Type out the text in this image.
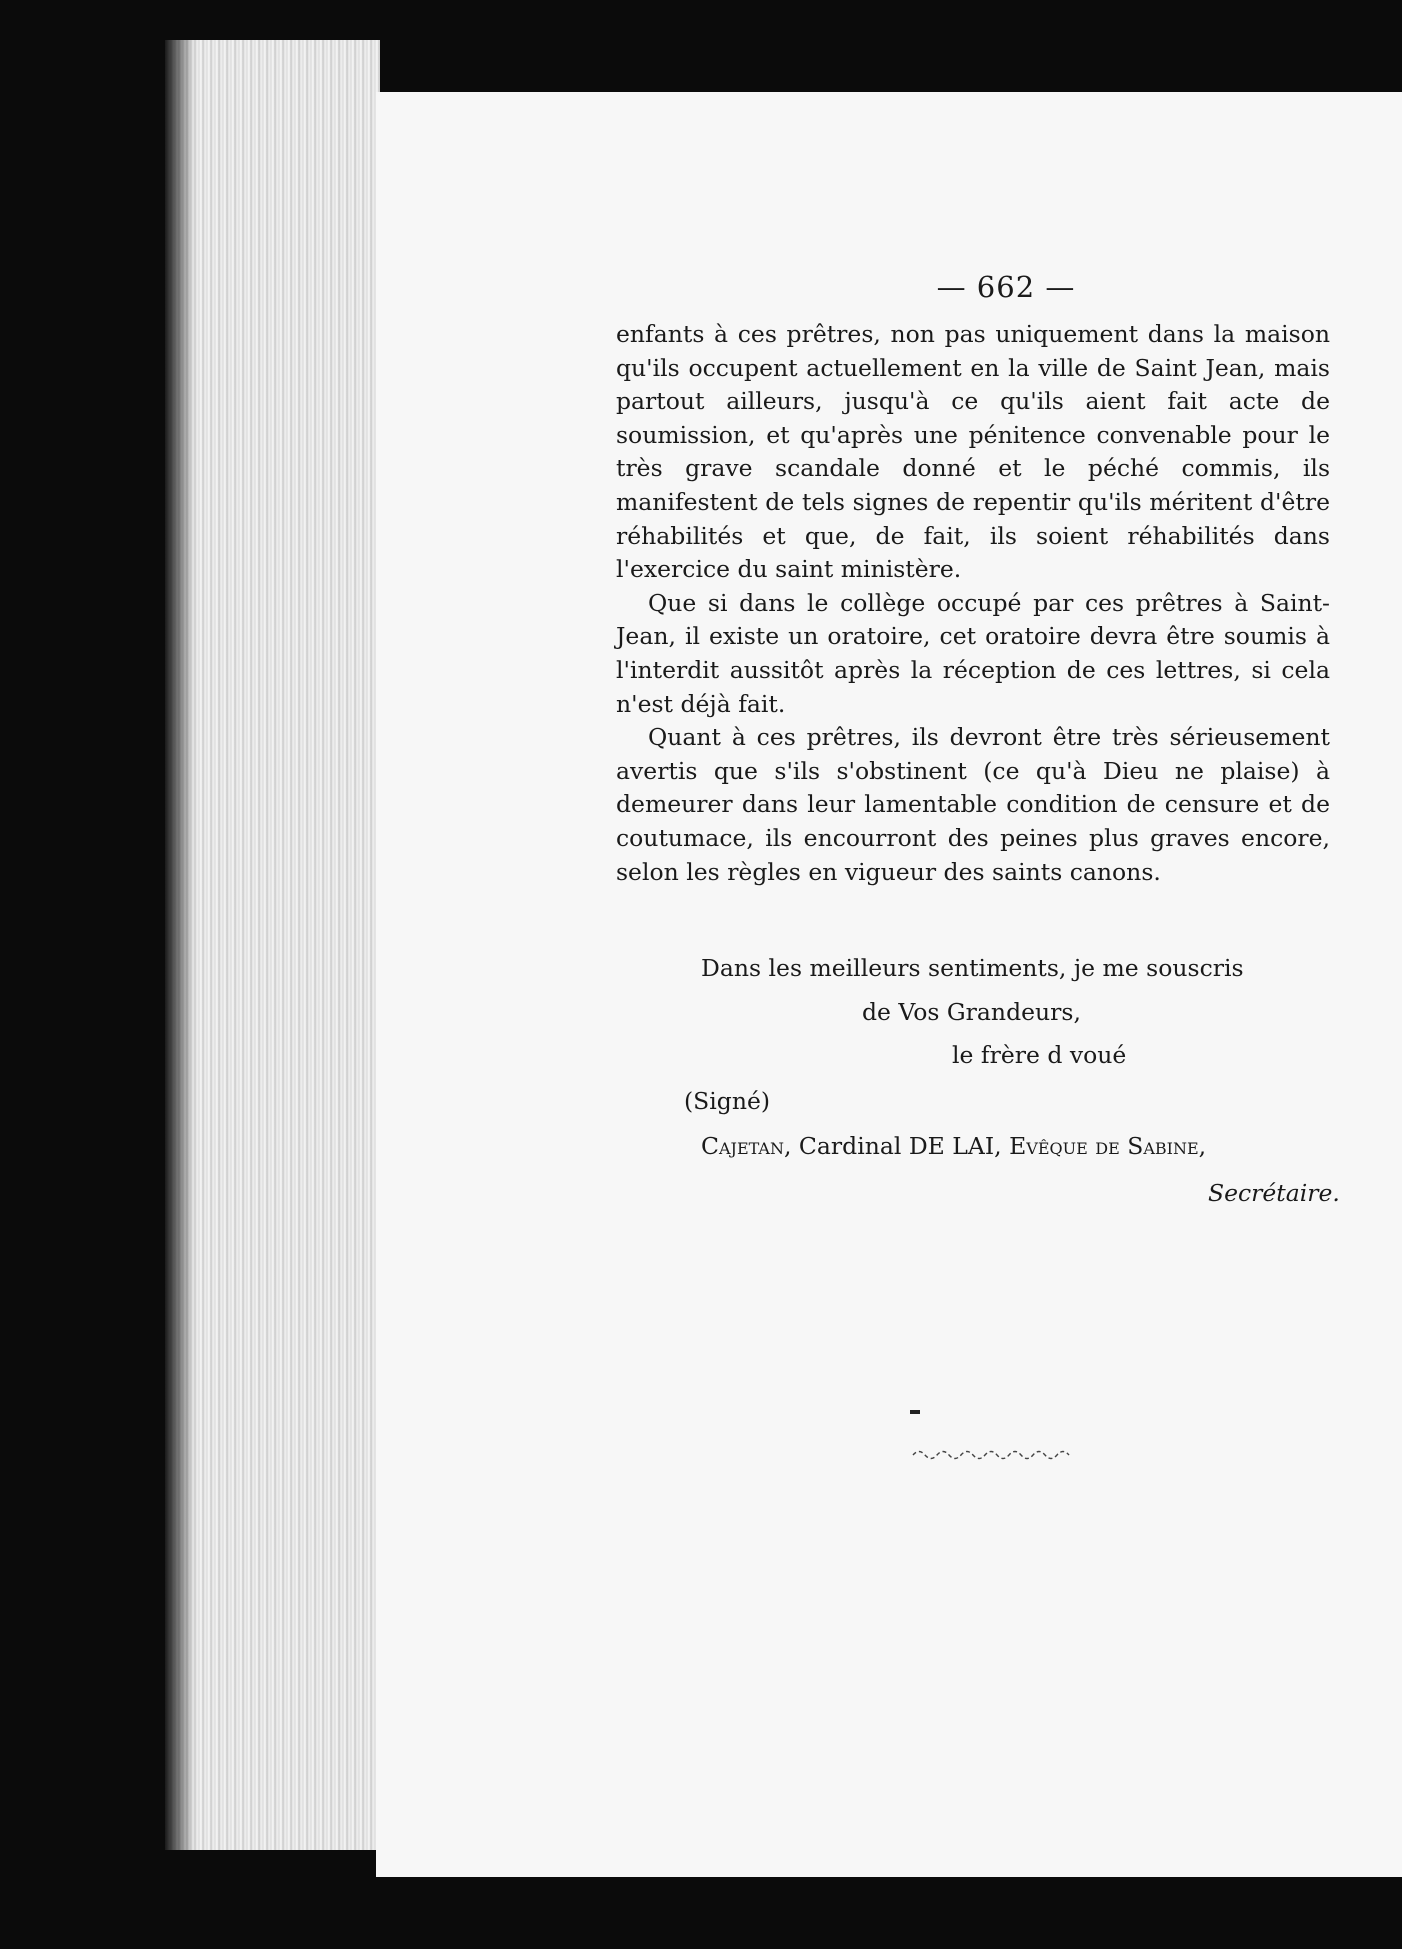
— 662 —

enfants à ces prêtres, non pas uniquement dans la maison qu'ils occupent actuellement en la ville de Saint Jean, mais partout ailleurs, jusqu'à ce qu'ils aient fait acte de soumission, et qu'après une pénitence convenable pour le très grave scandale donné et le péché commis, ils manifestent de tels signes de repentir qu'ils méritent d'être réhabilités et que, de fait, ils soient réhabilités dans l'exercice du saint ministère.

Que si dans le collège occupé par ces prêtres à Saint-Jean, il existe un oratoire, cet oratoire devra être soumis à l'interdit aussitôt après la réception de ces lettres, si cela n'est déjà fait.

Quant à ces prêtres, ils devront être très sérieusement avertis que s'ils s'obstinent (ce qu'à Dieu ne plaise) à demeurer dans leur lamentable condition de censure et de coutumace, ils encourront des peines plus graves encore, selon les règles en vigueur des saints canons.

Dans les meilleurs sentiments, je me souscris
de Vos Grandeurs,
le frère d voué
(Signé)
Cajetan, Cardinal DE LAI, Evêque de Sabine,
Secrétaire.
